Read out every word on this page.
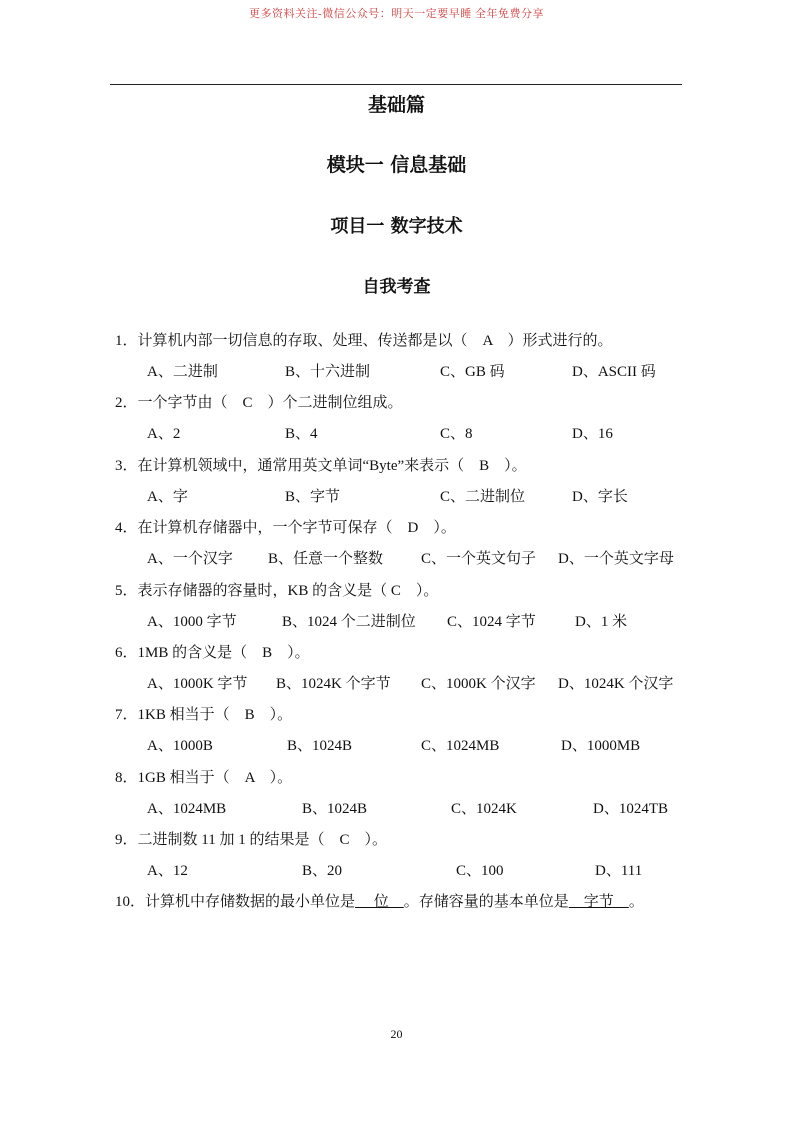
更多资料关注-微信公众号：明天一定要早睡 全年免费分享
基础篇
模块一 信息基础
项目一 数字技术
自我考查
1．计算机内部一切信息的存取、处理、传送都是以（　A　）形式进行的。
A、二进制	B、十六进制	C、GB 码	D、ASCII 码
2．一个字节由（　C　）个二进制位组成。
A、2	B、4	C、8	D、16
3．在计算机领域中，通常用英文单词“Byte”来表示（　B　）。
A、字	B、字节	C、二进制位	D、字长
4．在计算机存储器中，一个字节可保存（　D　）。
A、一个汉字 B、任意一个整数	C、一个英文句子 D、一个英文字母
5．表示存储器的容量时，KB 的含义是（ C　）。
A、1000 字节	B、1024 个二进制位 C、1024 字节	D、1 米
6．1MB 的含义是（　B　）。
A、1000K 字节 B、1024K 个字节 C、1000K 个汉字 D、1024K 个汉字
7．1KB 相当于（　B　）。
A、1000B	B、1024B	C、1024MB	D、1000MB
8．1GB 相当于（　A　）。
A、1024MB	B、1024B	C、1024K	D、1024TB
9．二进制数 11 加 1 的结果是（　C　）。
A、12	B、20	C、100	D、111
10．计算机中存储数据的最小单位是　 位　。存储容量的基本单位是　字节　。
20
